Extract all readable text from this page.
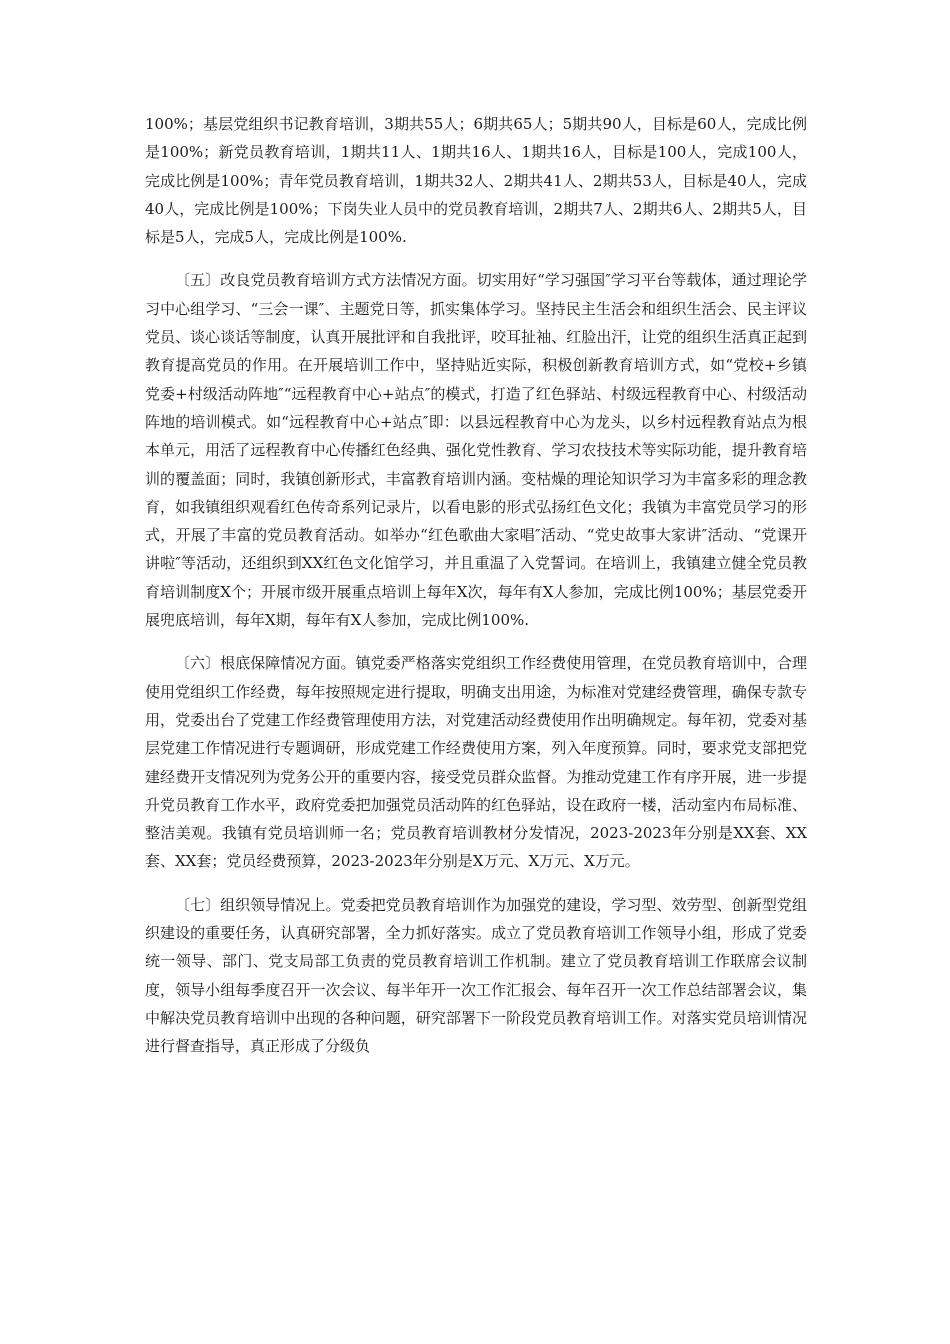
100%；基层党组织书记教育培训，3期共55人；6期共65人；5期共90人，目标是60人，完成比例是100%；新党员教育培训，1期共11人、1期共16人、1期共16人，目标是100人，完成100人，完成比例是100%；青年党员教育培训，1期共32人、2期共41人、2期共53人，目标是40人，完成40人，完成比例是100%；下岗失业人员中的党员教育培训，2期共7人、2期共6人、2期共5人，目标是5人，完成5人，完成比例是100%.

〔五〕改良党员教育培训方式方法情况方面。切实用好“学习强国″学习平台等载体，通过理论学习中心组学习、“三会一课″、主题党日等，抓实集体学习。坚持民主生活会和组织生活会、民主评议党员、谈心谈话等制度，认真开展批评和自我批评，咬耳扯袖、红脸出汗，让党的组织生活真正起到教育提高党员的作用。在开展培训工作中，坚持贴近实际，积极创新教育培训方式，如“党校+乡镇党委+村级活动阵地″“远程教育中心+站点″的模式，打造了红色驿站、村级远程教育中心、村级活动阵地的培训模式。如“远程教育中心+站点″即：以县远程教育中心为龙头，以乡村远程教育站点为根本单元，用活了远程教育中心传播红色经典、强化党性教育、学习农技技术等实际功能，提升教育培训的覆盖面；同时，我镇创新形式，丰富教育培训内涵。变枯燥的理论知识学习为丰富多彩的理念教育，如我镇组织观看红色传奇系列记录片，以看电影的形式弘扬红色文化；我镇为丰富党员学习的形式，开展了丰富的党员教育活动。如举办“红色歌曲大家唱″活动、“党史故事大家讲″活动、“党课开讲啦″等活动，还组织到XX红色文化馆学习，并且重温了入党誓词。在培训上，我镇建立健全党员教育培训制度X个；开展市级开展重点培训上每年X次，每年有X人参加，完成比例100%；基层党委开展兜底培训，每年X期，每年有X人参加，完成比例100%.

〔六〕根底保障情况方面。镇党委严格落实党组织工作经费使用管理，在党员教育培训中，合理使用党组织工作经费，每年按照规定进行提取，明确支出用途，为标准对党建经费管理，确保专款专用，党委出台了党建工作经费管理使用方法，对党建活动经费使用作出明确规定。每年初，党委对基层党建工作情况进行专题调研，形成党建工作经费使用方案，列入年度预算。同时，要求党支部把党建经费开支情况列为党务公开的重要内容，接受党员群众监督。为推动党建工作有序开展，进一步提升党员教育工作水平，政府党委把加强党员活动阵的红色驿站，设在政府一楼，活动室内布局标准、整洁美观。我镇有党员培训师一名；党员教育培训教材分发情况，2023-2023年分别是XX套、XX套、XX套；党员经费预算，2023-2023年分别是X万元、X万元、X万元。

〔七〕组织领导情况上。党委把党员教育培训作为加强党的建设，学习型、效劳型、创新型党组织建设的重要任务，认真研究部署，全力抓好落实。成立了党员教育培训工作领导小组，形成了党委统一领导、部门、党支局部工负责的党员教育培训工作机制。建立了党员教育培训工作联席会议制度，领导小组每季度召开一次会议、每半年开一次工作汇报会、每年召开一次工作总结部署会议，集中解决党员教育培训中出现的各种问题，研究部署下一阶段党员教育培训工作。对落实党员培训情况进行督查指导，真正形成了分级负
